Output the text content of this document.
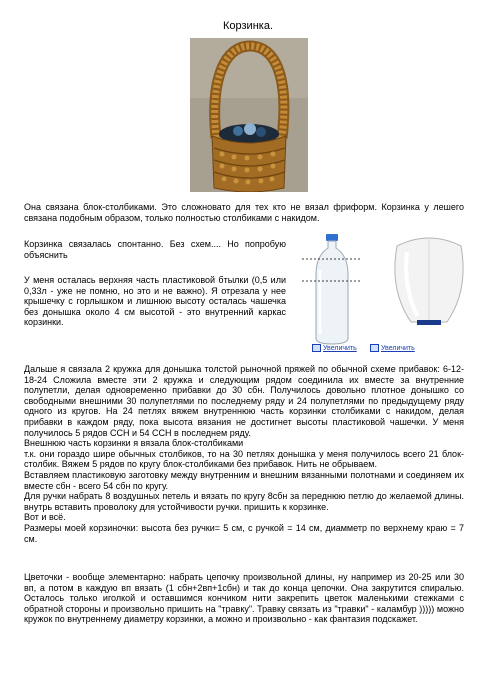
Корзинка.
Она связана блок-столбиками. Это сложновато для тех кто не вязал фриформ. Корзинка у лешего связана подобным образом, только полностью столбиками с накидом.
Корзинка связалась спонтанно. Без схем.... Но попробую объяснить
У меня осталась верхняя часть пластиковой бтылки (0,5 или 0,33л - уже не помню, но это и не важно). Я отрезала у нее крышечку с горлышком и лишнюю высоту осталась чашечка без донышка около 4 см высотой - это внутренний каркас корзинки.
Увеличить	Увеличить
Дальше я связала 2 кружка для донышка толстой рыночной пряжей по обычной схеме прибавок: 6-12-18-24 Сложила вместе эти 2 кружка и следующим рядом соединила их вместе за внутренние полупетли, делая одновременно прибавки до 30 сбн. Получилось довольно плотное донышко со свободными внешними 30 полупетлями по последнему ряду и 24 полупетлями по предыдущему ряду одного из кругов. На 24 петлях вяжем внутреннюю часть корзинки столбиками с накидом, делая прибавки в каждом ряду, пока высота вязания не достигнет высоты пластиковой чашечки. У меня получилось 5 рядов ССН и 54 ССН в последнем ряду.
Внешнюю часть корзинки я вязала блок-столбиками
т.к. они гораздо шире обычных столбиков, то на 30 петлях донышка у меня получилось всего 21 блок-столбик. Вяжем 5 рядов по кругу блок-столбиками без прибавок. Нить не обрываем.
Вставляем пластиковую заготовку между внутренним и внешним вязанными полотнами и соединяем их вместе сбн - всего 54 сбн по кругу.
Для ручки набрать 8 воздушных петель и вязать по кругу 8сбн за переднюю петлю до желаемой длины. внутрь вставить проволоку для устойчивости ручки. пришить к корзинке.
Вот и всё.
Размеры моей корзиночки: высота без ручки= 5 см, с ручкой = 14 см, диамметр по верхнему краю = 7 см.
Цветочки - вообще элементарно: набрать цепочку произвольной длины, ну например из 20-25 или 30 вп, а потом в каждую вп вязать (1 сбн+2вп+1сбн) и так до конца цепочки. Она закрутится спиралью. Осталось только иголкой и оставшимся кончиком нити закрепить цветок маленькими стежками с обратной стороны и произвольно пришить на "травку". Травку связать из "травки" - каламбур ))))) можно кружок по внутреннему диаметру корзинки, а можно и произвольно - как фантазия подскажет.
